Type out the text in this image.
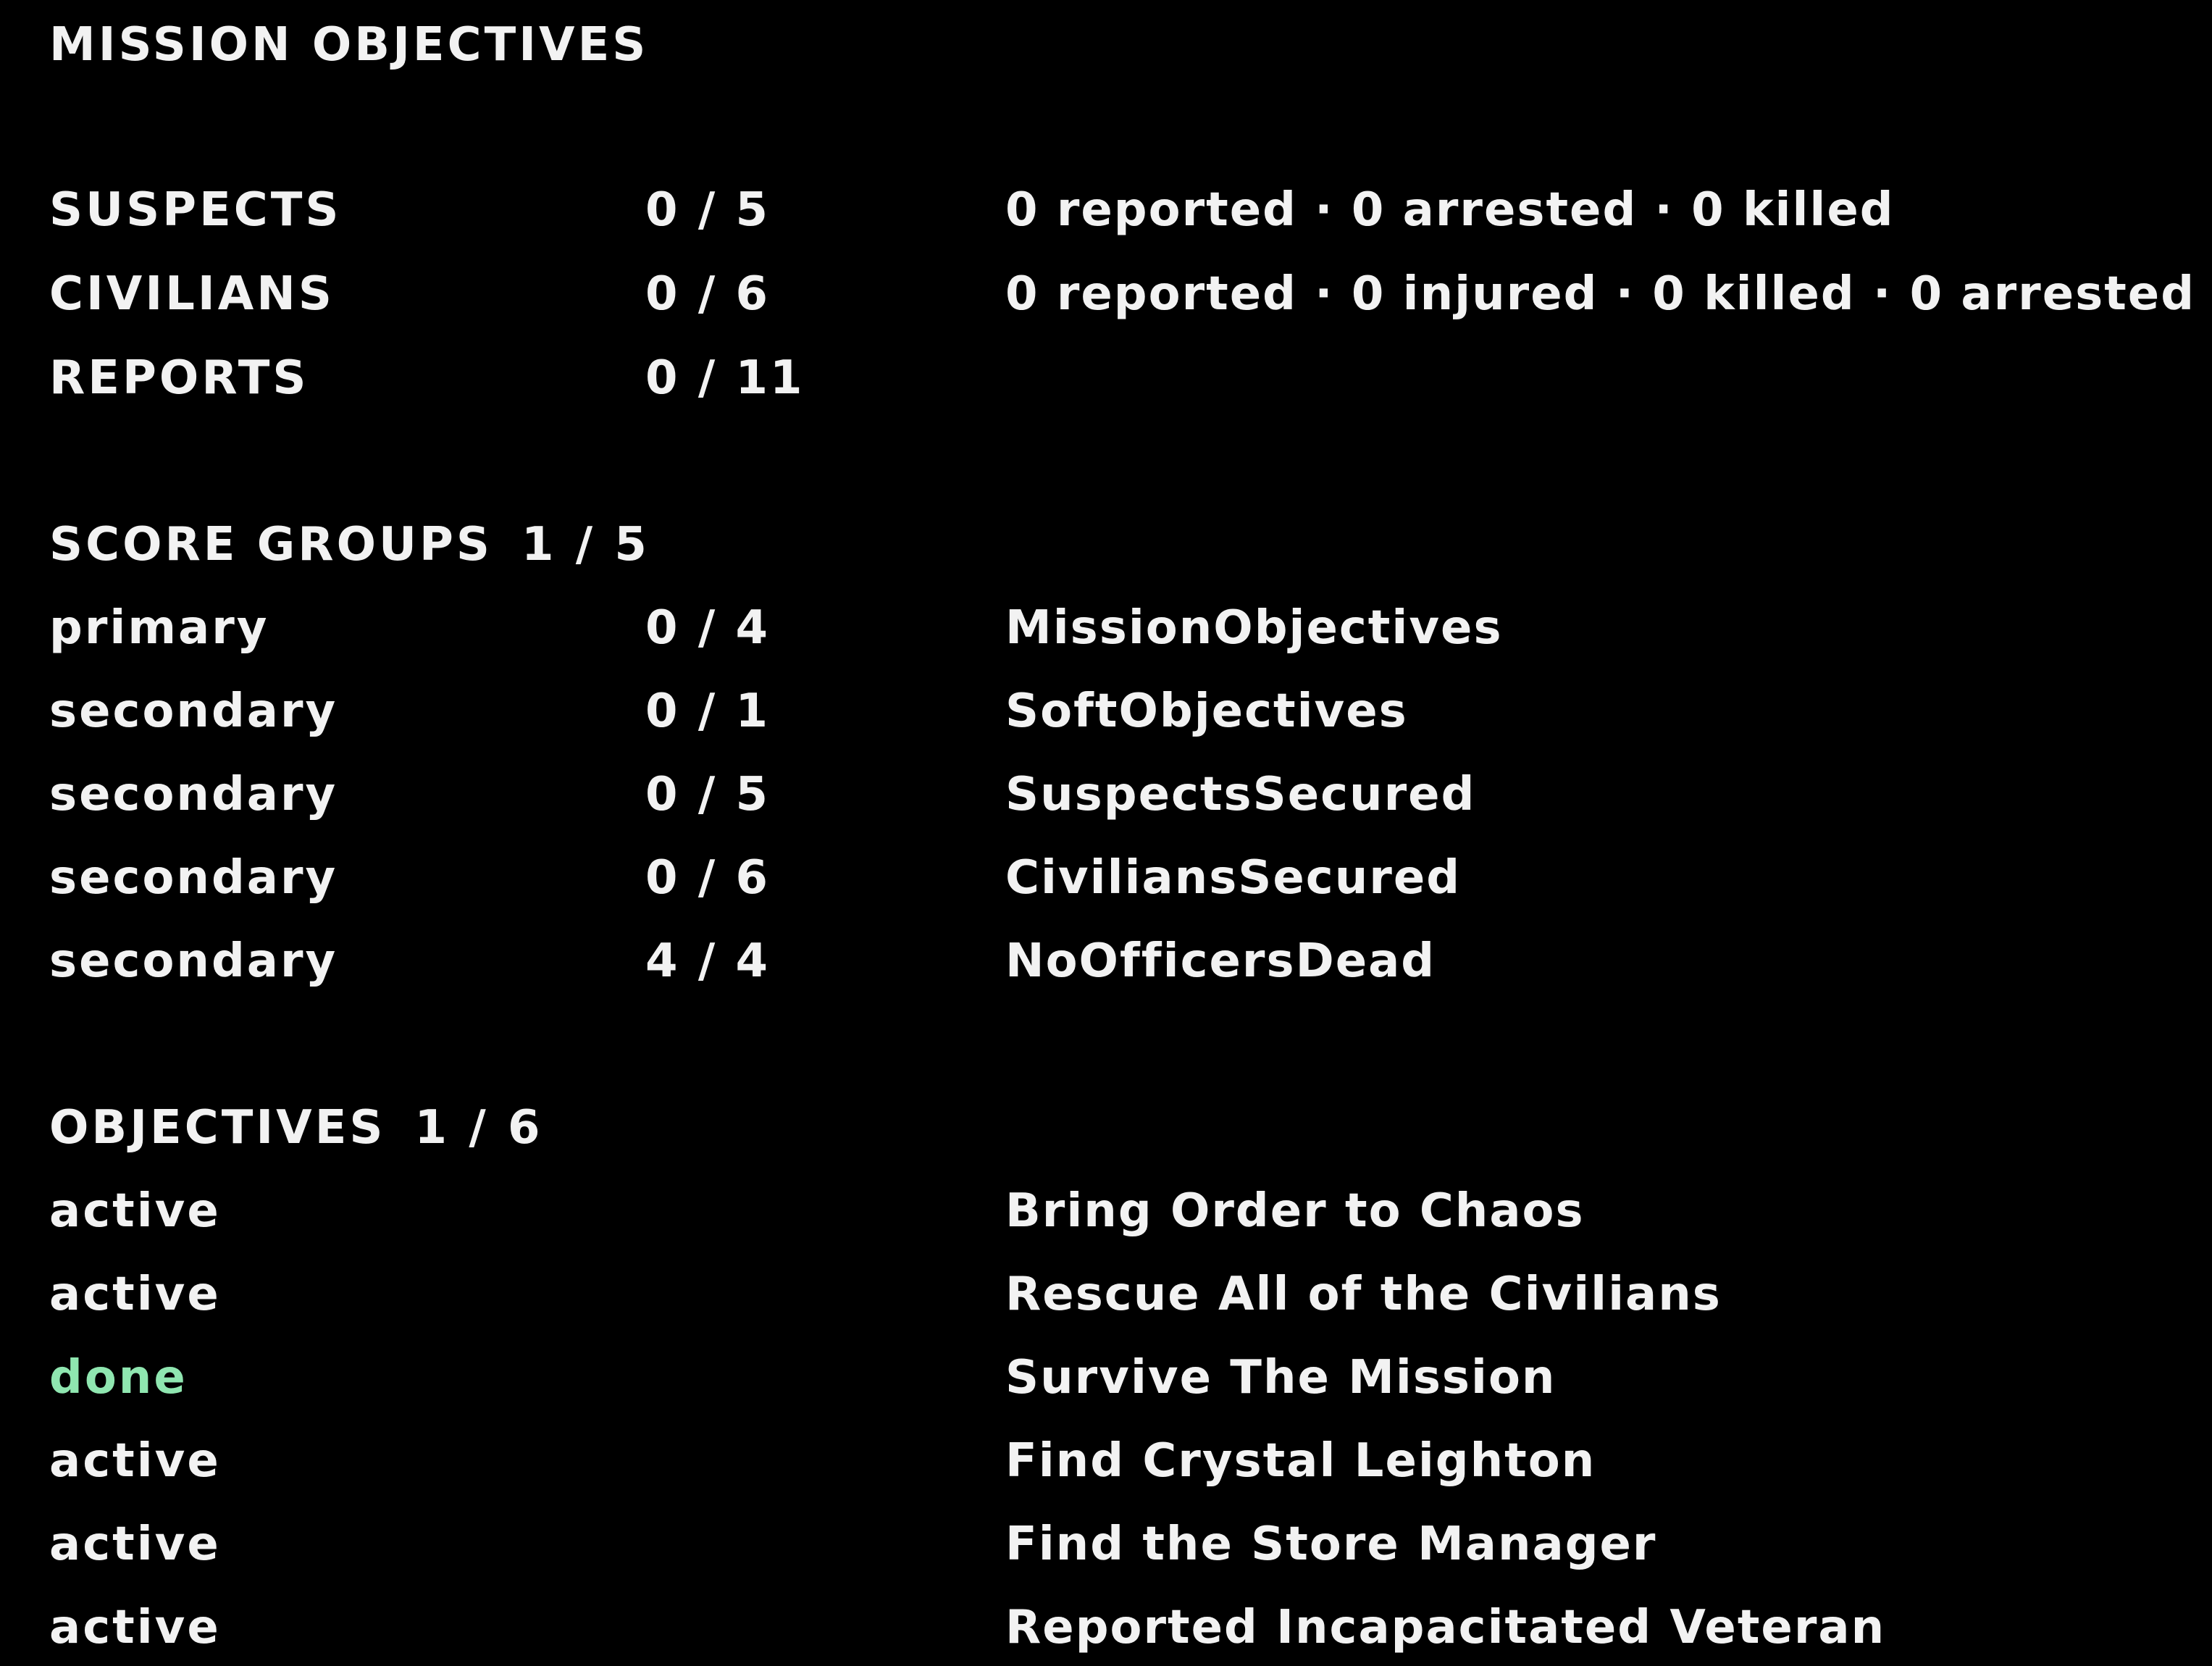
MISSION OBJECTIVES
SUSPECTS	0 / 5	0 reported · 0 arrested · 0 killed
CIVILIANS	0 / 6	0 reported · 0 injured · 0 killed · 0 arrested
REPORTS	0 / 11
SCORE GROUPS 1 / 5
primary	0 / 4	MissionObjectives
secondary	0 / 1	SoftObjectives
secondary	0 / 5	SuspectsSecured
secondary	0 / 6	CiviliansSecured
secondary	4 / 4	NoOfficersDead
OBJECTIVES 1 / 6
active	Bring Order to Chaos
active	Rescue All of the Civilians
done	Survive The Mission
active	Find Crystal Leighton
active	Find the Store Manager
active	Reported Incapacitated Veteran
